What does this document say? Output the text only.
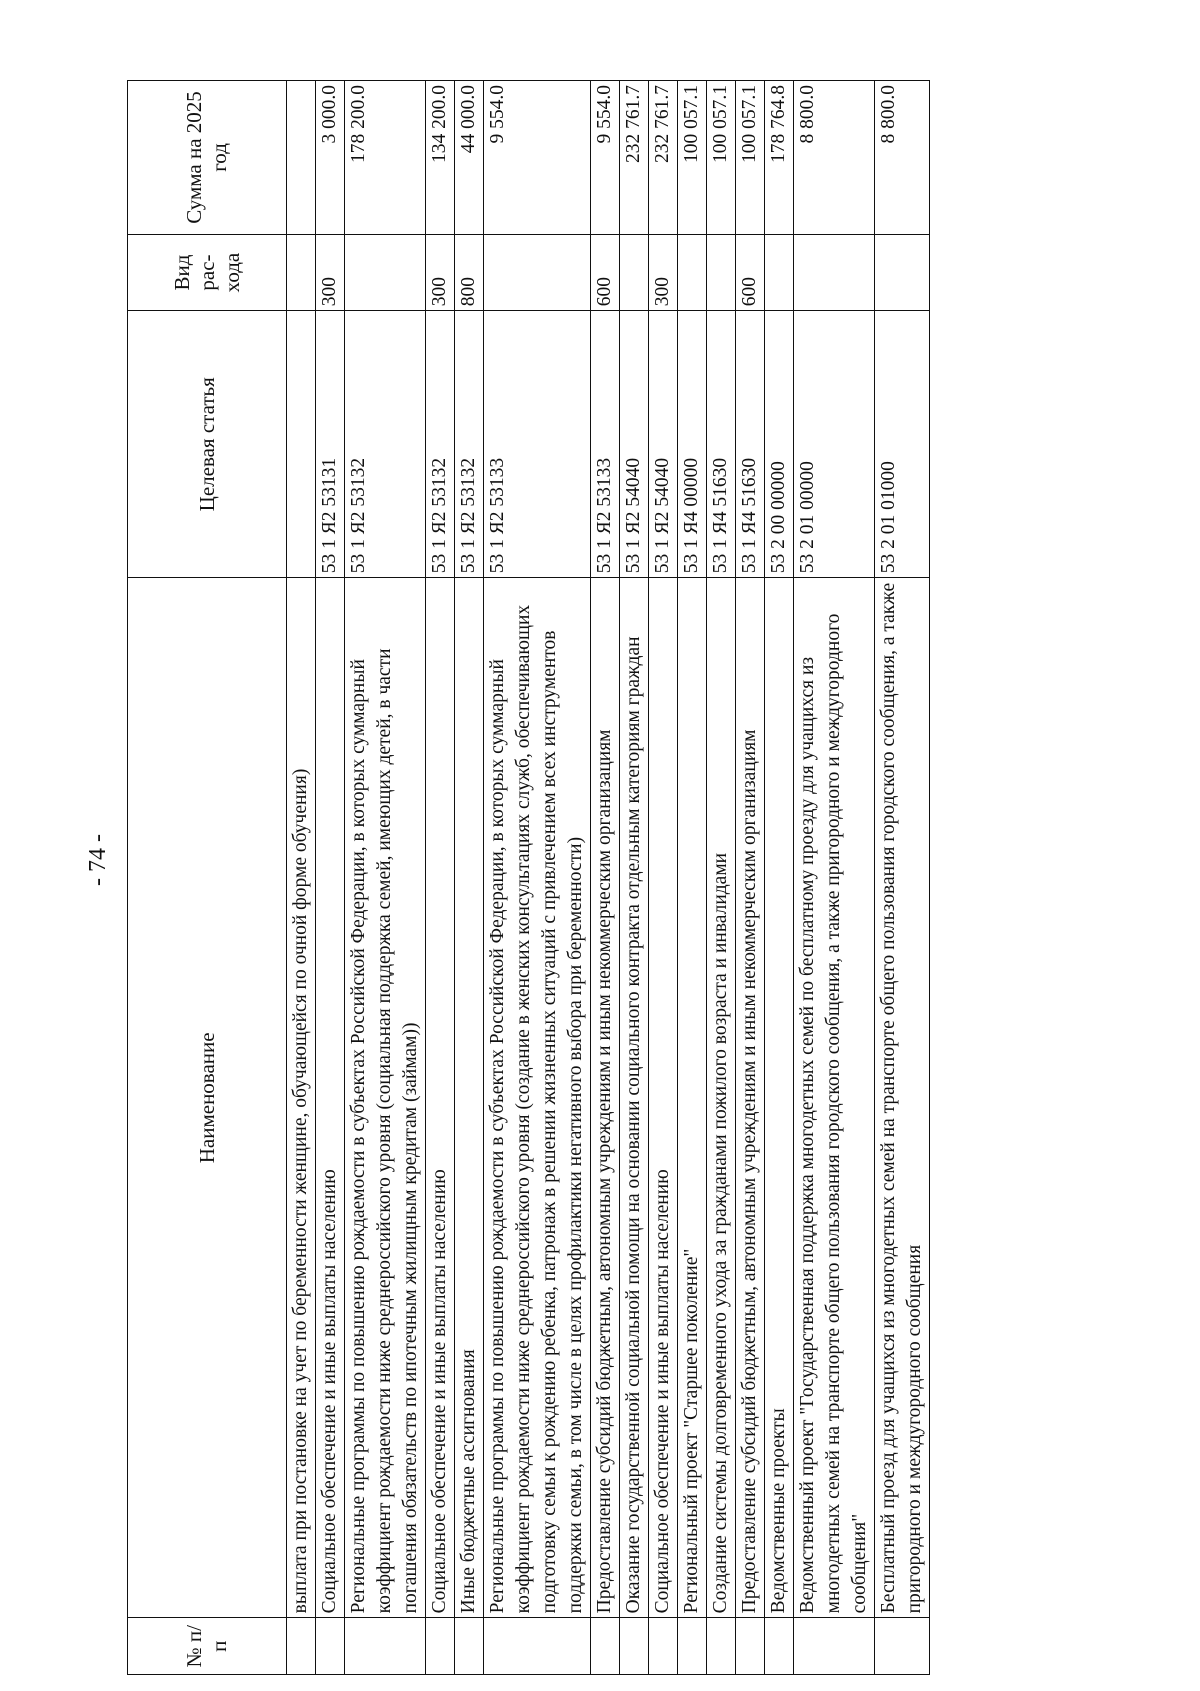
- 74 -
№ п/п	Наименование	Целевая статья	Вид рас- хода	Сумма на 2025 год
	выплата при постановке на учет по беременности женщине, обучающейся по очной форме обучения)			
	Социальное обеспечение и иные выплаты населению	53 1 Я2 53131	300	3 000.0
	Региональные программы по повышению рождаемости в субъектах Российской Федерации, в которых суммарный коэффициент рождаемости ниже среднероссийского уровня (социальная поддержка семей, имеющих детей, в части погашения обязательств по ипотечным жилищным кредитам (займам))	53 1 Я2 53132		178 200.0
	Социальное обеспечение и иные выплаты населению	53 1 Я2 53132	300	134 200.0
	Иные бюджетные ассигнования	53 1 Я2 53132	800	44 000.0
	Региональные программы по повышению рождаемости в субъектах Российской Федерации, в которых суммарный коэффициент рождаемости ниже среднероссийского уровня (создание в женских консультациях служб, обеспечивающих подготовку семьи к рождению ребенка, патронаж в решении жизненных ситуаций с привлечением всех инструментов поддержки семьи, в том числе в целях профилактики негативного выбора при беременности)	53 1 Я2 53133		9 554.0
	Предоставление субсидий бюджетным, автономным учреждениям и иным некоммерческим организациям	53 1 Я2 53133	600	9 554.0
	Оказание государственной социальной помощи на основании социального контракта отдельным категориям граждан	53 1 Я2 54040		232 761.7
	Социальное обеспечение и иные выплаты населению	53 1 Я2 54040	300	232 761.7
	Региональный проект "Старшее поколение"	53 1 Я4 00000		100 057.1
	Создание системы долговременного ухода за гражданами пожилого возраста и инвалидами	53 1 Я4 51630		100 057.1
	Предоставление субсидий бюджетным, автономным учреждениям и иным некоммерческим организациям	53 1 Я4 51630	600	100 057.1
	Ведомственные проекты	53 2 00 00000		178 764.8
	Ведомственный проект "Государственная поддержка многодетных семей по бесплатному проезду для учащихся из многодетных семей на транспорте общего пользования городского сообщения, а также пригородного и междугородного сообщения"	53 2 01 00000		8 800.0
	Бесплатный проезд для учащихся из многодетных семей на транспорте общего пользования городского сообщения, а также пригородного и междугородного сообщения	53 2 01 01000		8 800.0
